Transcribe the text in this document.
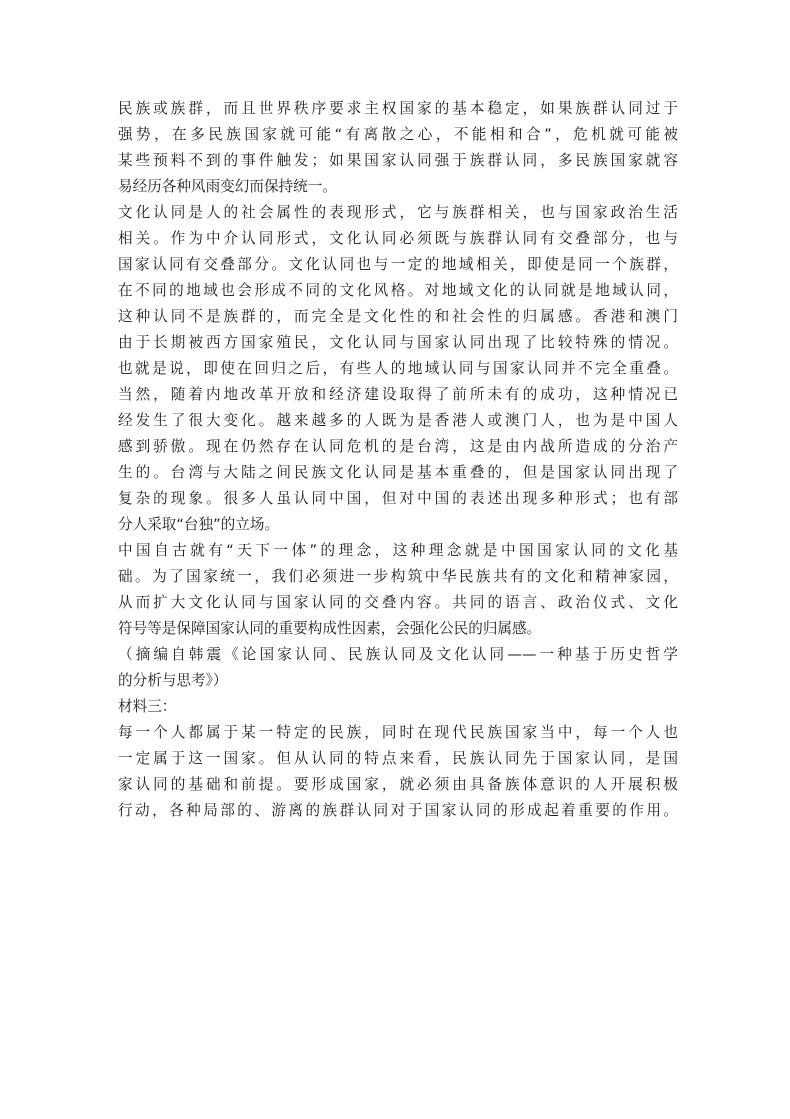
民族或族群，而且世界秩序要求主权国家的基本稳定，如果族群认同过于
强势，在多民族国家就可能“有离散之心，不能相和合”，危机就可能被
某些预料不到的事件触发；如果国家认同强于族群认同，多民族国家就容
易经历各种风雨变幻而保持统一。
文化认同是人的社会属性的表现形式，它与族群相关，也与国家政治生活
相关。作为中介认同形式，文化认同必须既与族群认同有交叠部分，也与
国家认同有交叠部分。文化认同也与一定的地域相关，即使是同一个族群，
在不同的地域也会形成不同的文化风格。对地域文化的认同就是地域认同，
这种认同不是族群的，而完全是文化性的和社会性的归属感。香港和澳门
由于长期被西方国家殖民，文化认同与国家认同出现了比较特殊的情况。
也就是说，即使在回归之后，有些人的地域认同与国家认同并不完全重叠。
当然，随着内地改革开放和经济建设取得了前所未有的成功，这种情况已
经发生了很大变化。越来越多的人既为是香港人或澳门人，也为是中国人
感到骄傲。现在仍然存在认同危机的是台湾，这是由内战所造成的分治产
生的。台湾与大陆之间民族文化认同是基本重叠的，但是国家认同出现了
复杂的现象。很多人虽认同中国，但对中国的表述出现多种形式；也有部
分人采取“台独”的立场。
中国自古就有“天下一体”的理念，这种理念就是中国国家认同的文化基
础。为了国家统一，我们必须进一步构筑中华民族共有的文化和精神家园，
从而扩大文化认同与国家认同的交叠内容。共同的语言、政治仪式、文化
符号等是保障国家认同的重要构成性因素，会强化公民的归属感。
（摘编自韩震《论国家认同、民族认同及文化认同——一种基于历史哲学
的分析与思考》）
材料三：
每一个人都属于某一特定的民族，同时在现代民族国家当中，每一个人也
一定属于这一国家。但从认同的特点来看，民族认同先于国家认同，是国
家认同的基础和前提。要形成国家，就必须由具备族体意识的人开展积极
行动，各种局部的、游离的族群认同对于国家认同的形成起着重要的作用。
